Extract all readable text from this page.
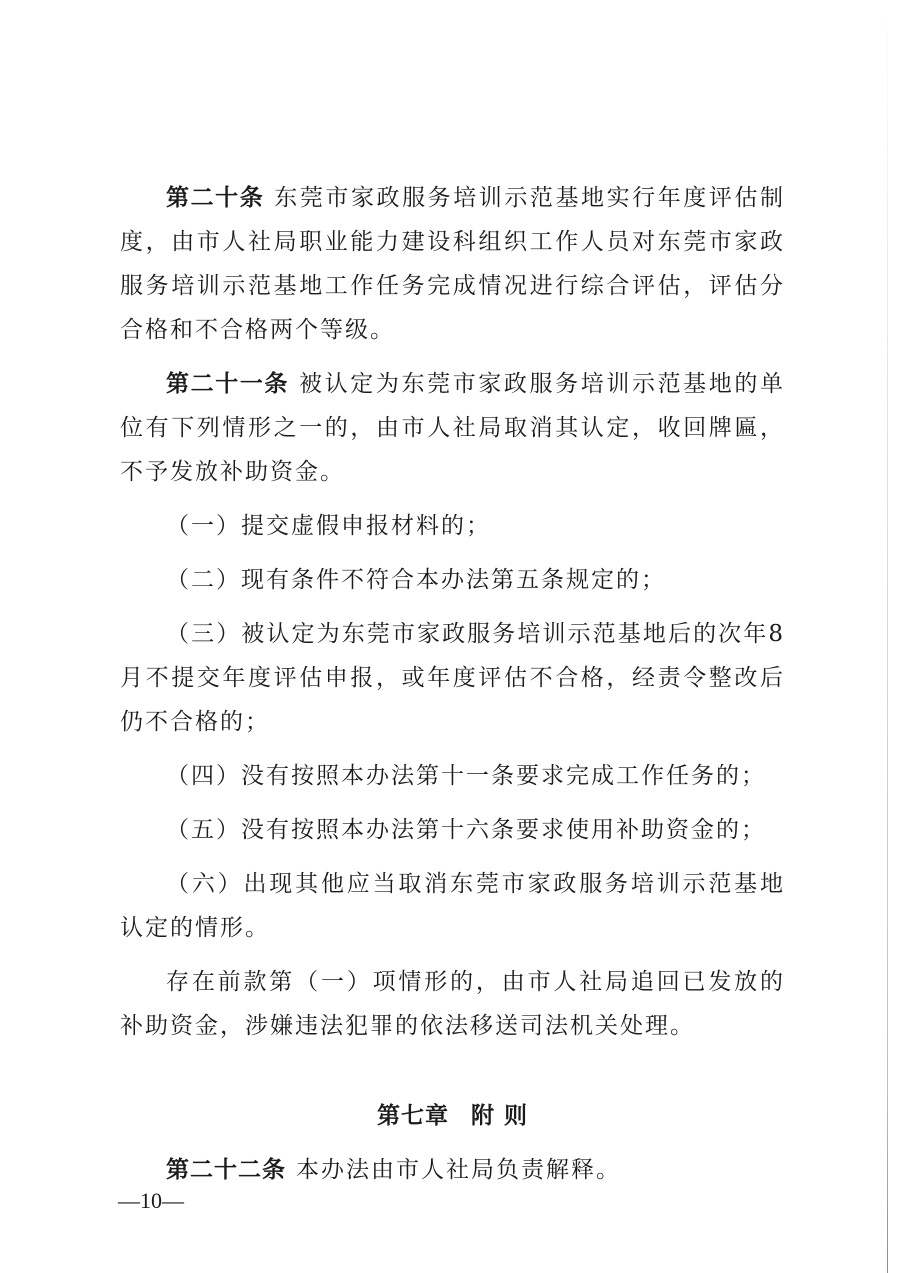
第二十条 东莞市家政服务培训示范基地实行年度评估制度，由市人社局职业能力建设科组织工作人员对东莞市家政服务培训示范基地工作任务完成情况进行综合评估，评估分合格和不合格两个等级。

第二十一条 被认定为东莞市家政服务培训示范基地的单位有下列情形之一的，由市人社局取消其认定，收回牌匾，不予发放补助资金。

（一）提交虚假申报材料的；

（二）现有条件不符合本办法第五条规定的；

（三）被认定为东莞市家政服务培训示范基地后的次年8月不提交年度评估申报，或年度评估不合格，经责令整改后仍不合格的；

（四）没有按照本办法第十一条要求完成工作任务的；

（五）没有按照本办法第十六条要求使用补助资金的；

（六）出现其他应当取消东莞市家政服务培训示范基地认定的情形。

存在前款第（一）项情形的，由市人社局追回已发放的补助资金，涉嫌违法犯罪的依法移送司法机关处理。

第七章 附 则

第二十二条 本办法由市人社局负责解释。

—10—
